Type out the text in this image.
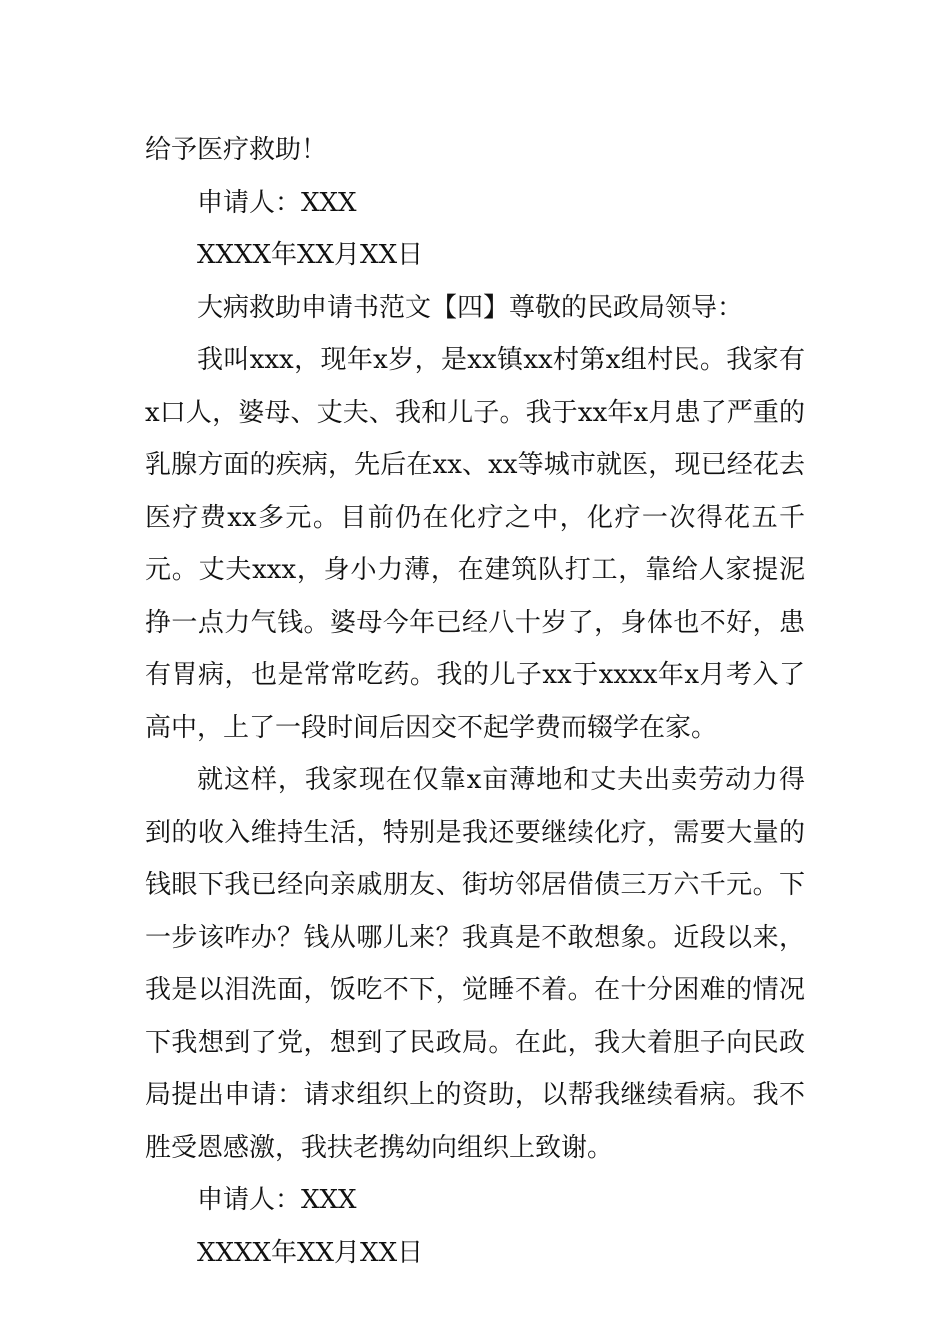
给予医疗救助！

申请人：XXX

XXXX年XX月XX日

大病救助申请书范文【四】尊敬的民政局领导：

我叫xxx，现年x岁，是xx镇xx村第x组村民。我家有x口人，婆母、丈夫、我和儿子。我于xx年x月患了严重的乳腺方面的疾病，先后在xx、xx等城市就医，现已经花去医疗费xx多元。目前仍在化疗之中，化疗一次得花五千元。丈夫xxx，身小力薄，在建筑队打工，靠给人家提泥挣一点力气钱。婆母今年已经八十岁了，身体也不好，患有胃病，也是常常吃药。我的儿子xx于xxxx年x月考入了高中，上了一段时间后因交不起学费而辍学在家。

就这样，我家现在仅靠x亩薄地和丈夫出卖劳动力得到的收入维持生活，特别是我还要继续化疗，需要大量的钱眼下我已经向亲戚朋友、街坊邻居借债三万六千元。下一步该咋办？钱从哪儿来？我真是不敢想象。近段以来，我是以泪洗面，饭吃不下，觉睡不着。在十分困难的情况下我想到了党，想到了民政局。在此，我大着胆子向民政局提出申请：请求组织上的资助，以帮我继续看病。我不胜受恩感激，我扶老携幼向组织上致谢。

申请人：XXX

XXXX年XX月XX日
